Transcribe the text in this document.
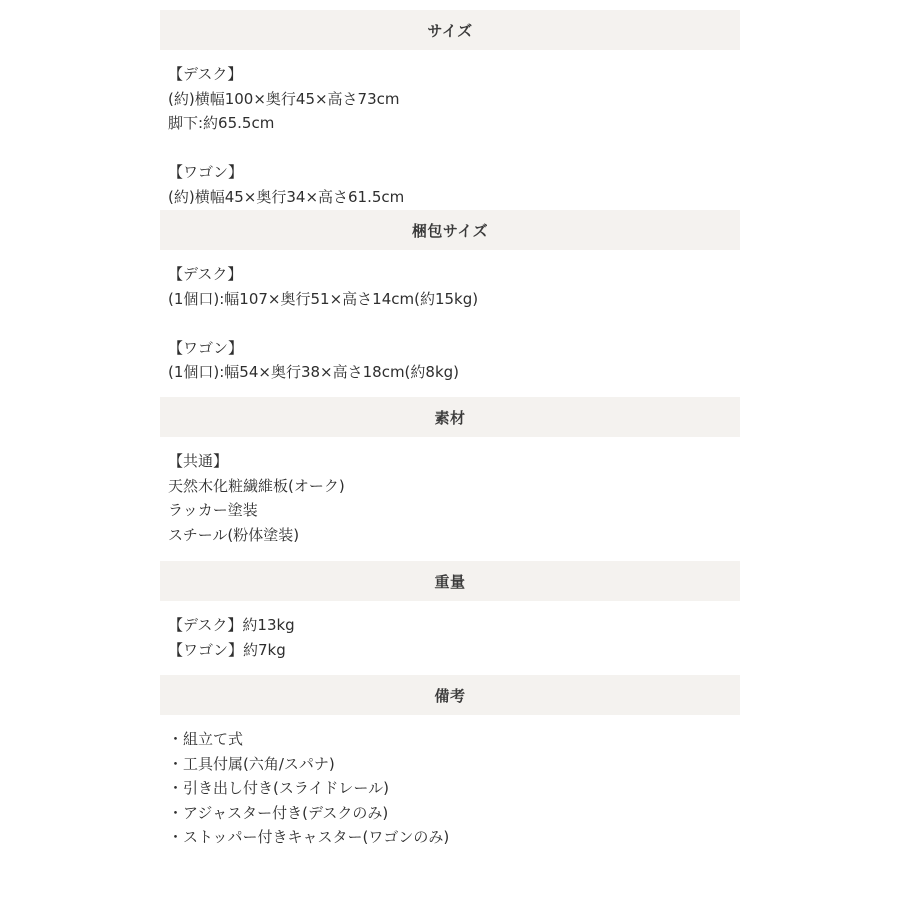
サイズ
【デスク】
(約)横幅100×奥行45×高さ73cm
脚下:約65.5cm
【ワゴン】
(約)横幅45×奥行34×高さ61.5cm
梱包サイズ
【デスク】
(1個口):幅107×奥行51×高さ14cm(約15kg)
【ワゴン】
(1個口):幅54×奥行38×高さ18cm(約8kg)
素材
【共通】
天然木化粧繊維板(オーク)
ラッカー塗装
スチール(粉体塗装)
重量
【デスク】約13kg
【ワゴン】約7kg
備考
・組立て式
・工具付属(六角/スパナ)
・引き出し付き(スライドレール)
・アジャスター付き(デスクのみ)
・ストッパー付きキャスター(ワゴンのみ)
